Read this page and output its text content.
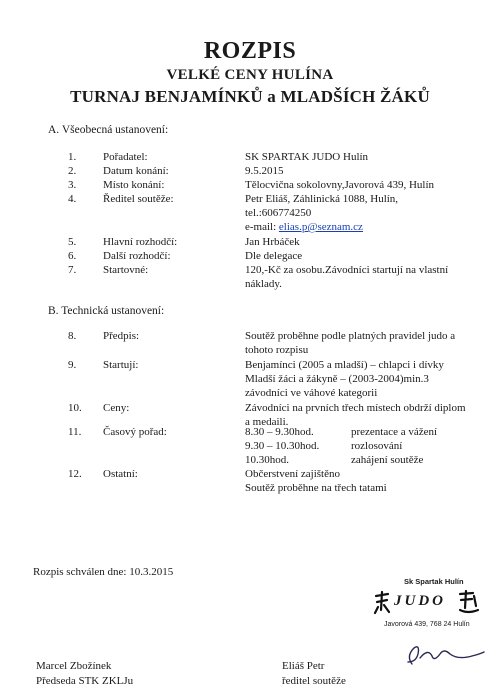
ROZPIS
VELKÉ CENY HULÍNA
TURNAJ BENJAMÍNKŮ a MLADŠÍCH ŽÁKŮ
A. Všeobecná ustanovení:
1. Pořadatel:	SK SPARTAK JUDO Hulín
2. Datum konání:	9.5.2015
3. Místo konání:	Tělocvična sokolovny,Javorová 439, Hulín
4. Ředitel soutěže:	Petr Eliáš, Záhlinická 1088, Hulín,
tel.:606774250
e-mail: elias.p@seznam.cz
5. Hlavní rozhodčí:	Jan Hrbáček
6. Další rozhodčí:	Dle delegace
7. Startovné:	120,-Kč za osobu.Závodníci startují na vlastní
náklady.
B. Technická ustanovení:
8. Předpis:	Soutěž proběhne podle platných pravidel judo a
tohoto rozpisu
9. Startují:	Benjamínci (2005 a mladší) – chlapci i dívky
Mladší žáci a žákyně – (2003-2004)min.3
závodníci ve váhové kategorii
10. Ceny:	Závodníci na prvních třech místech obdrží diplom
a medaili.
11. Časový pořad:	8.30 – 9.30hod.	prezentace a vážení
9.30 – 10.30hod.	rozlosování
10.30hod.	zahájení soutěže
12. Ostatní:	Občerstvení zajištěno
Soutěž proběhne na třech tatami
Rozpis schválen dne: 10.3.2015
Sk Spartak Hulín
JUDO
Javorová 439, 768 24 Hulín
Marcel Zbožínek
Předseda STK ZKLJu
Eliáš Petr
ředitel soutěže
